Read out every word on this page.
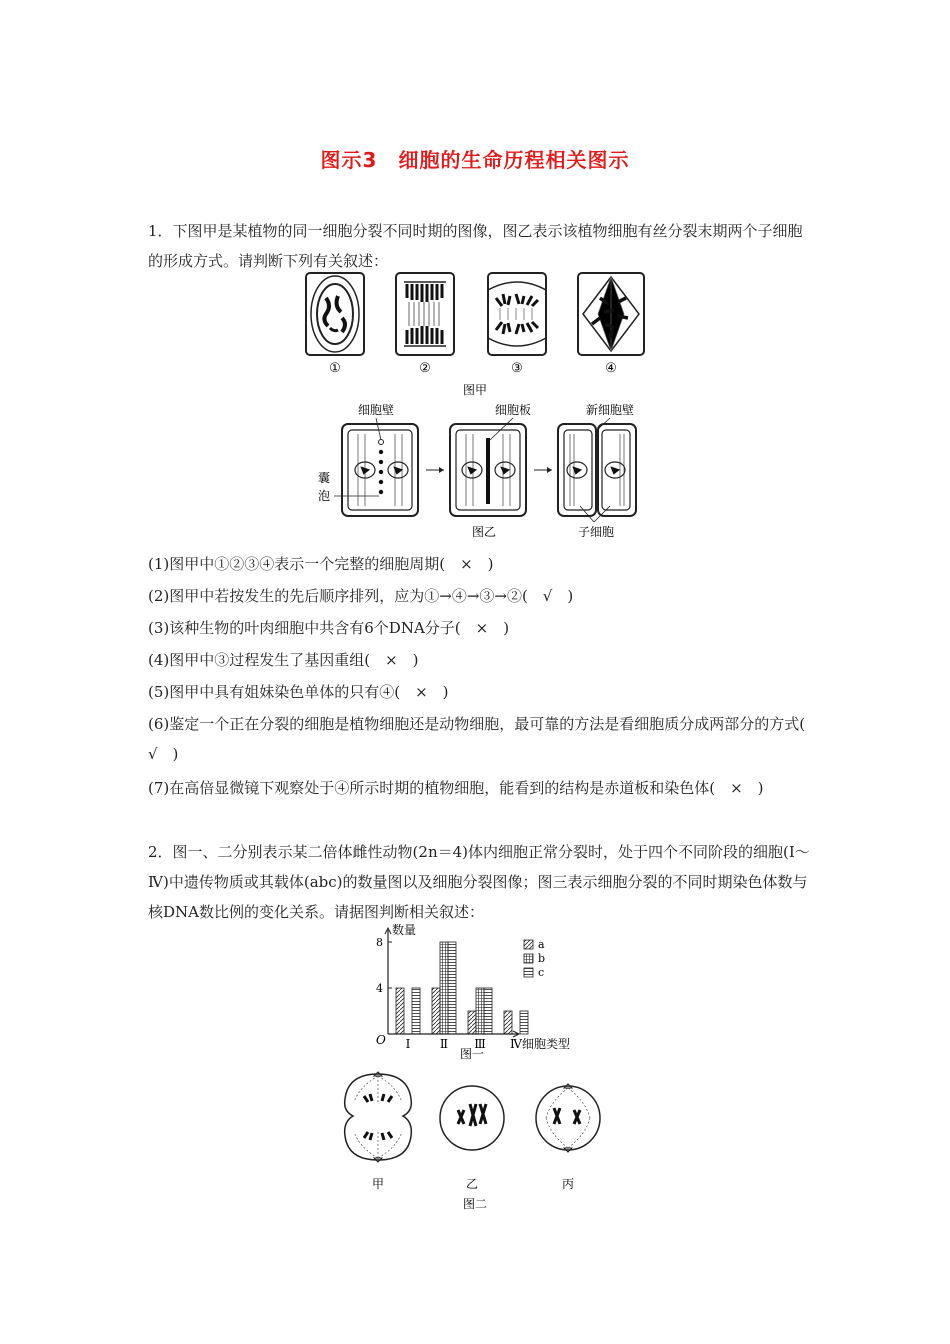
图示3　细胞的生命历程相关图示
1．下图甲是某植物的同一细胞分裂不同时期的图像，图乙表示该植物细胞有丝分裂末期两个子细胞的形成方式。请判断下列有关叙述：
①	②	③	④
图甲
细胞壁	细胞板	新细胞壁
囊
泡
图乙	子细胞
(1)图甲中①②③④表示一个完整的细胞周期(　×　)
(2)图甲中若按发生的先后顺序排列，应为①→④→③→②(　√　)
(3)该种生物的叶肉细胞中共含有6个DNA分子(　×　)
(4)图甲中③过程发生了基因重组(　×　)
(5)图甲中具有姐妹染色单体的只有④(　×　)
(6)鉴定一个正在分裂的细胞是植物细胞还是动物细胞，最可靠的方法是看细胞质分成两部分的方式(　√　)
(7)在高倍显微镜下观察处于④所示时期的植物细胞，能看到的结构是赤道板和染色体(　×　)
2．图一、二分别表示某二倍体雌性动物(2n＝4)体内细胞正常分裂时，处于四个不同阶段的细胞(Ⅰ～Ⅳ)中遗传物质或其载体(abc)的数量图以及细胞分裂图像；图三表示细胞分裂的不同时期染色体数与核DNA数比例的变化关系。请据图判断相关叙述：
数量
O
4
8
Ⅰ Ⅱ Ⅲ Ⅳ 细胞类型
a
b
c
图一
甲	乙	丙
图二
